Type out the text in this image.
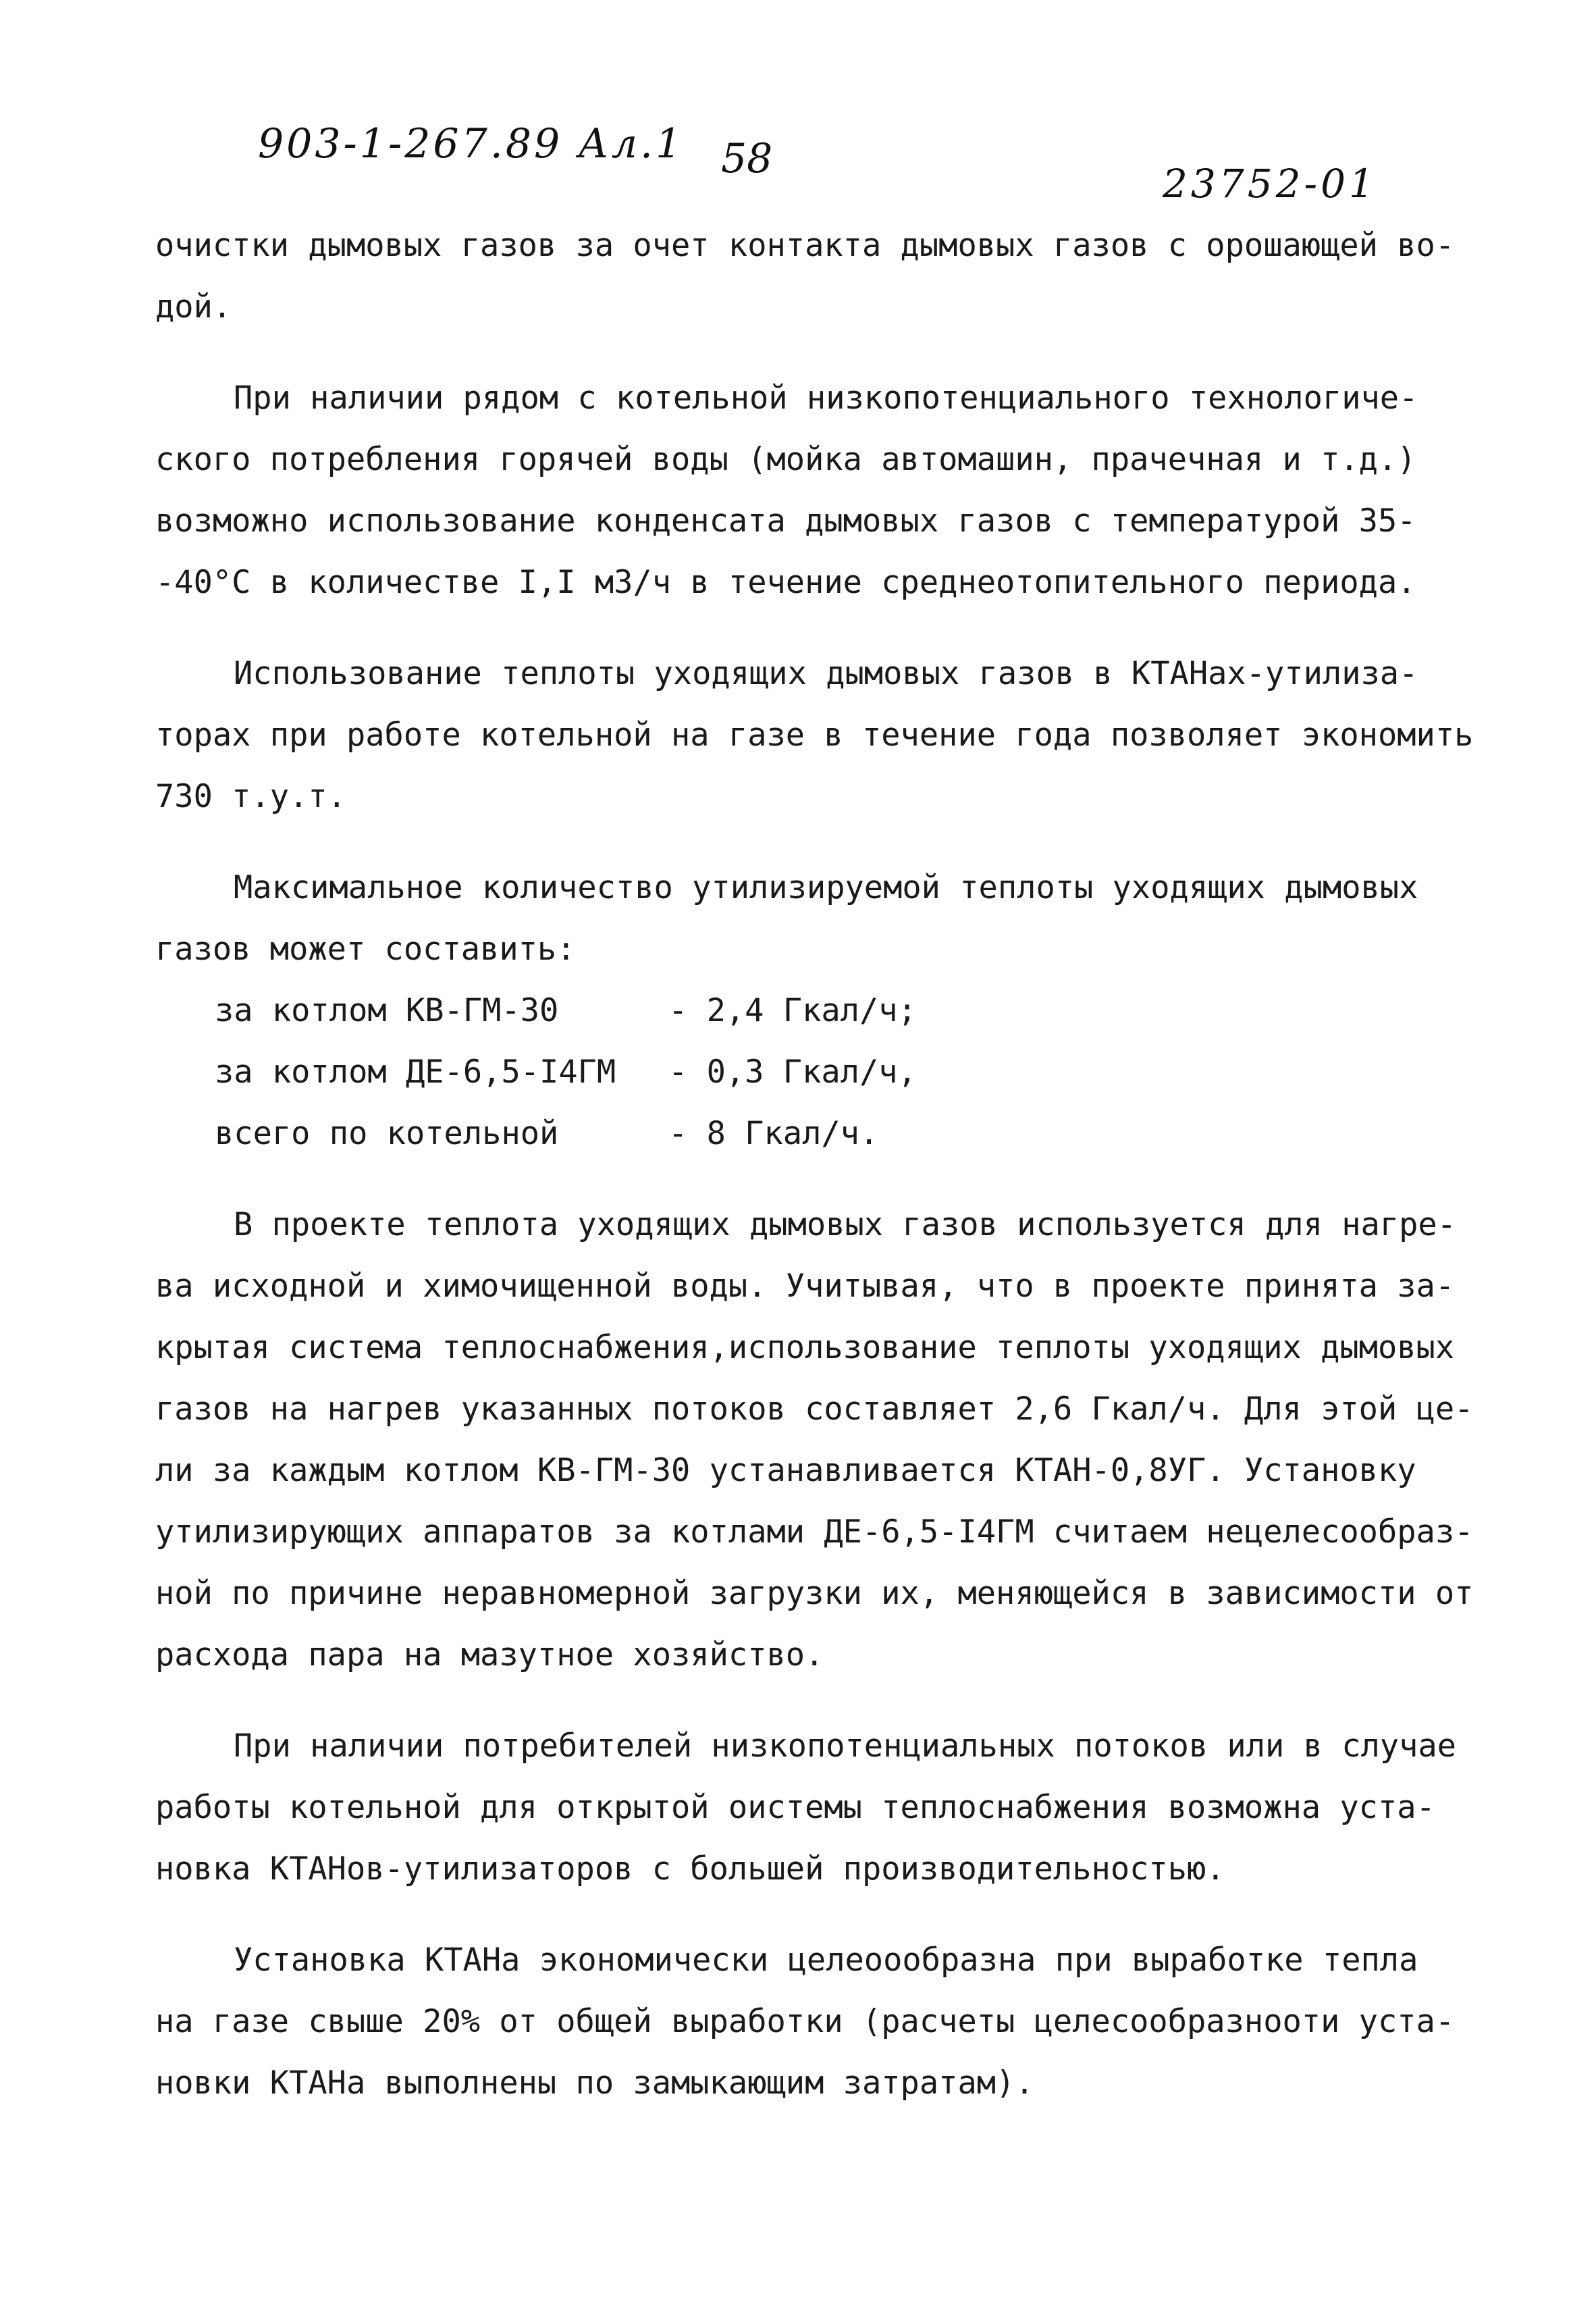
903-1-267.89 Ал.1 58
23752-01
очистки дымовых газов за очет контакта дымовых газов с орошающей во-
дой.
При наличии рядом с котельной низкопотенциального технологиче-
ского потребления горячей воды (мойка автомашин, прачечная и т.д.)
возможно использование конденсата дымовых газов с температурой 35-
-40°С в количестве I,I м3/ч в течение среднеотопительного периода.
Использование теплоты уходящих дымовых газов в КТАНах-утилиза-
торах при работе котельной на газе в течение года позволяет экономить
730 т.у.т.
Максимальное количество утилизируемой теплоты уходящих дымовых
газов может составить:
за котлом КВ-ГМ-30	- 2,4 Гкал/ч;
за котлом ДЕ-6,5-I4ГМ	- 0,3 Гкал/ч,
всего по котельной	- 8 Гкал/ч.
В проекте теплота уходящих дымовых газов используется для нагре-
ва исходной и химочищенной воды. Учитывая, что в проекте принята за-
крытая система теплоснабжения,использование теплоты уходящих дымовых
газов на нагрев указанных потоков составляет 2,6 Гкал/ч. Для этой це-
ли за каждым котлом КВ-ГМ-30 устанавливается КТАН-0,8УГ. Установку
утилизирующих аппаратов за котлами ДЕ-6,5-I4ГМ считаем нецелесообраз-
ной по причине неравномерной загрузки их, меняющейся в зависимости от
расхода пара на мазутное хозяйство.
При наличии потребителей низкопотенциальных потоков или в случае
работы котельной для открытой оистемы теплоснабжения возможна уста-
новка КТАНов-утилизаторов с большей производительностью.
Установка КТАНа экономически целеоообразна при выработке тепла
на газе свыше 20% от общей выработки (расчеты целесообразноoти уста-
новки КТАНа выполнены по замыкающим затратам).
